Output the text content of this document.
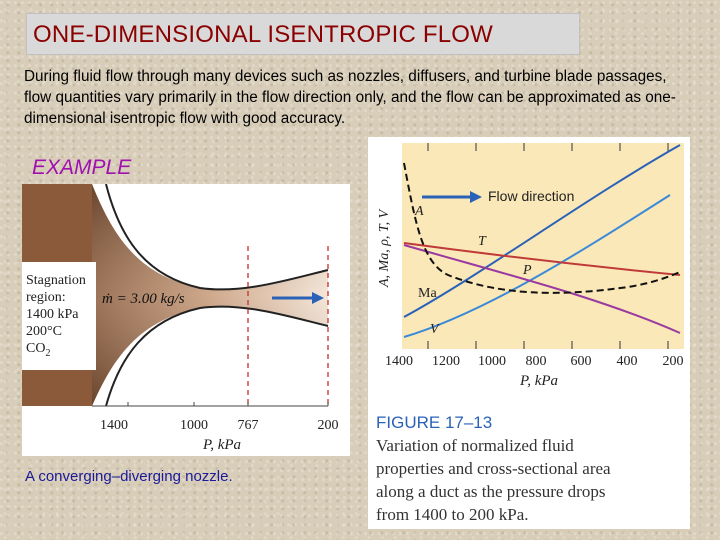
ONE-DIMENSIONAL ISENTROPIC FLOW
During fluid flow through many devices such as nozzles, diffusers, and turbine blade passages, flow quantities vary primarily in the flow direction only, and the flow can be approximated as one-dimensional isentropic flow with good accuracy.
EXAMPLE
ṁ = 3.00 kg/s
Stagnation
region:
1400 kPa
200°C
$CO_2$
1400	1000 767	200
P, kPa
A converging–diverging nozzle.
A
T
P
Ma
V
Flow direction
A, Ma, ρ, T, V
1400 1200 1000 800 600 400 200
P, kPa
FIGURE 17–13
Variation of normalized fluid
properties and cross-sectional area
along a duct as the pressure drops
from 1400 to 200 kPa.
